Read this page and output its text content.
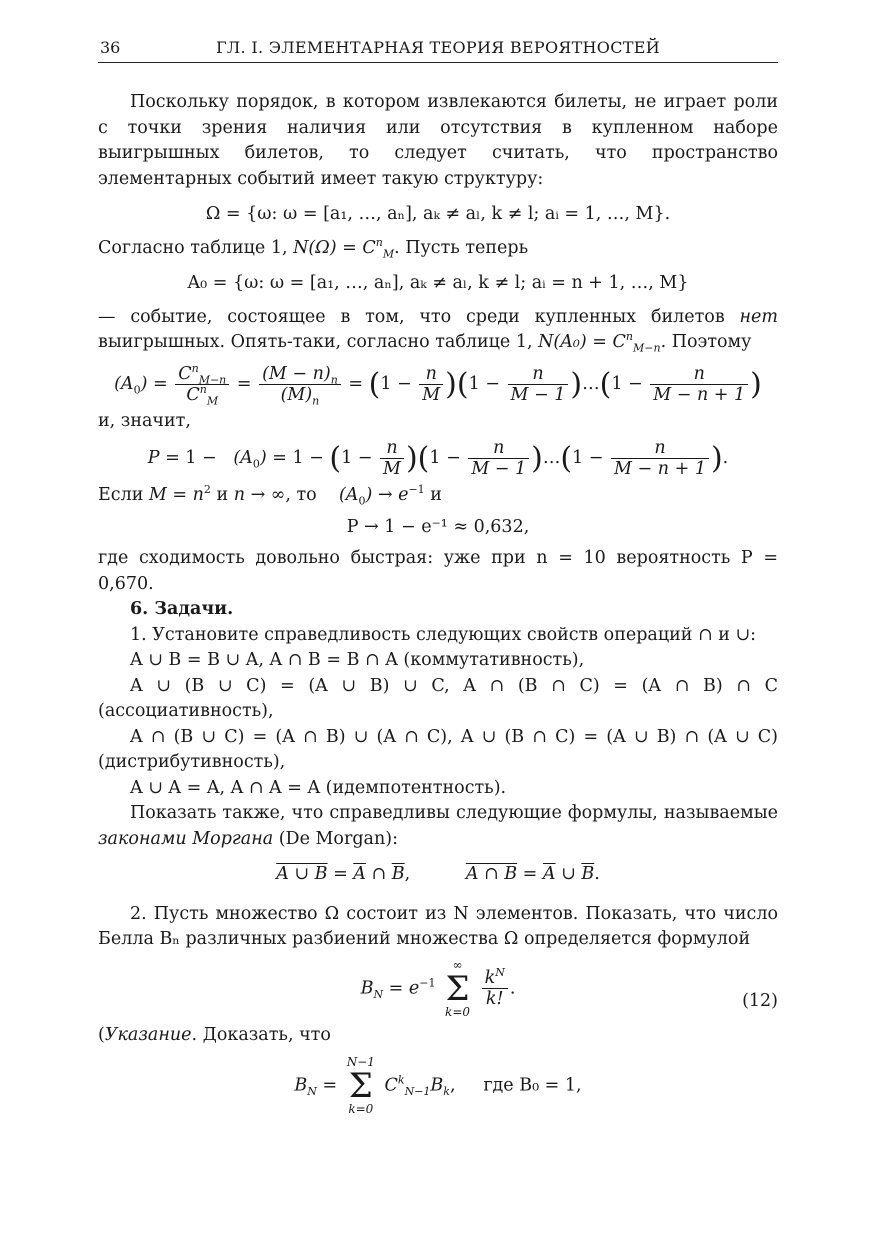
36	ГЛ. I. ЭЛЕМЕНТАРНАЯ ТЕОРИЯ ВЕРОЯТНОСТЕЙ

Поскольку порядок, в котором извлекаются билеты, не играет роли с точки зрения наличия или отсутствия в купленном наборе выигрышных билетов, то следует считать, что пространство элементарных событий имеет такую структуру:

Ω = {ω: ω = [a₁, …, aₙ], aₖ ≠ aₗ, k ≠ l; aᵢ = 1, …, M}.

Согласно таблице 1, $N(\Omega) = C^n_M$. Пусть теперь

A₀ = {ω: ω = [a₁, …, aₙ], aₖ ≠ aₗ, k ≠ l; aᵢ = n + 1, …, M}

— событие, состоящее в том, что среди купленных билетов нет выигрышных. Опять-таки, согласно таблице 1, $N(A_0) = C^n_{M-n}$. Поэтому

$(A_0) = \frac{C^n_{M-n}}{C^n_M} = \frac{(M - n)_n}{(M)_n} = (1 - \frac{n}{M} )(1 - \frac{n}{M - 1}$ )…(1 − $\frac{n}{M - n + 1}$ )

и, значит,

$P = 1 - (A_0) = 1 - (1 - \frac{n}{M} )(1 - \frac{n}{M - 1}$ )…(1 − $\frac{n}{M - n + 1}$ ).

Если $M = n^2$ и n → ∞, то $(A_0) \to e^{-1}$ и

P → 1 − e⁻¹ ≈ 0,632,

где сходимость довольно быстрая: уже при n = 10 вероятность P = 0,670.

6. Задачи.

1. Установите справедливость следующих свойств операций ∩ и ∪:

A ∪ B = B ∪ A, A ∩ B = B ∩ A (коммутативность),

A ∪ (B ∪ C) = (A ∪ B) ∪ C, A ∩ (B ∩ C) = (A ∩ B) ∩ C (ассоциативность),

A ∩ (B ∪ C) = (A ∩ B) ∪ (A ∩ C), A ∪ (B ∩ C) = (A ∪ B) ∩ (A ∪ C) (дистрибутивность),

A ∪ A = A, A ∩ A = A (идемпотентность).

Показать также, что справедливы следующие формулы, называемые законами Моргана (De Morgan):

A ∪ $B = \overline{A}$ ∩ $\overline{B}$,          A ∩ $B = \overline{A}$ ∪ $\overline{B}$.

2. Пусть множество Ω состоит из N элементов. Показать, что число Белла Bₙ различных разбиений множества Ω определяется формулой

$B_N = e^{-1}$
∞
Σ
k=0

$\frac{k^N}{k!}$ .
(12)

(Указание. Доказать, что

$B_N$ =
N−1
Σ
k=0
$C^k_{N-1}B_k$,     где B₀ = 1,
